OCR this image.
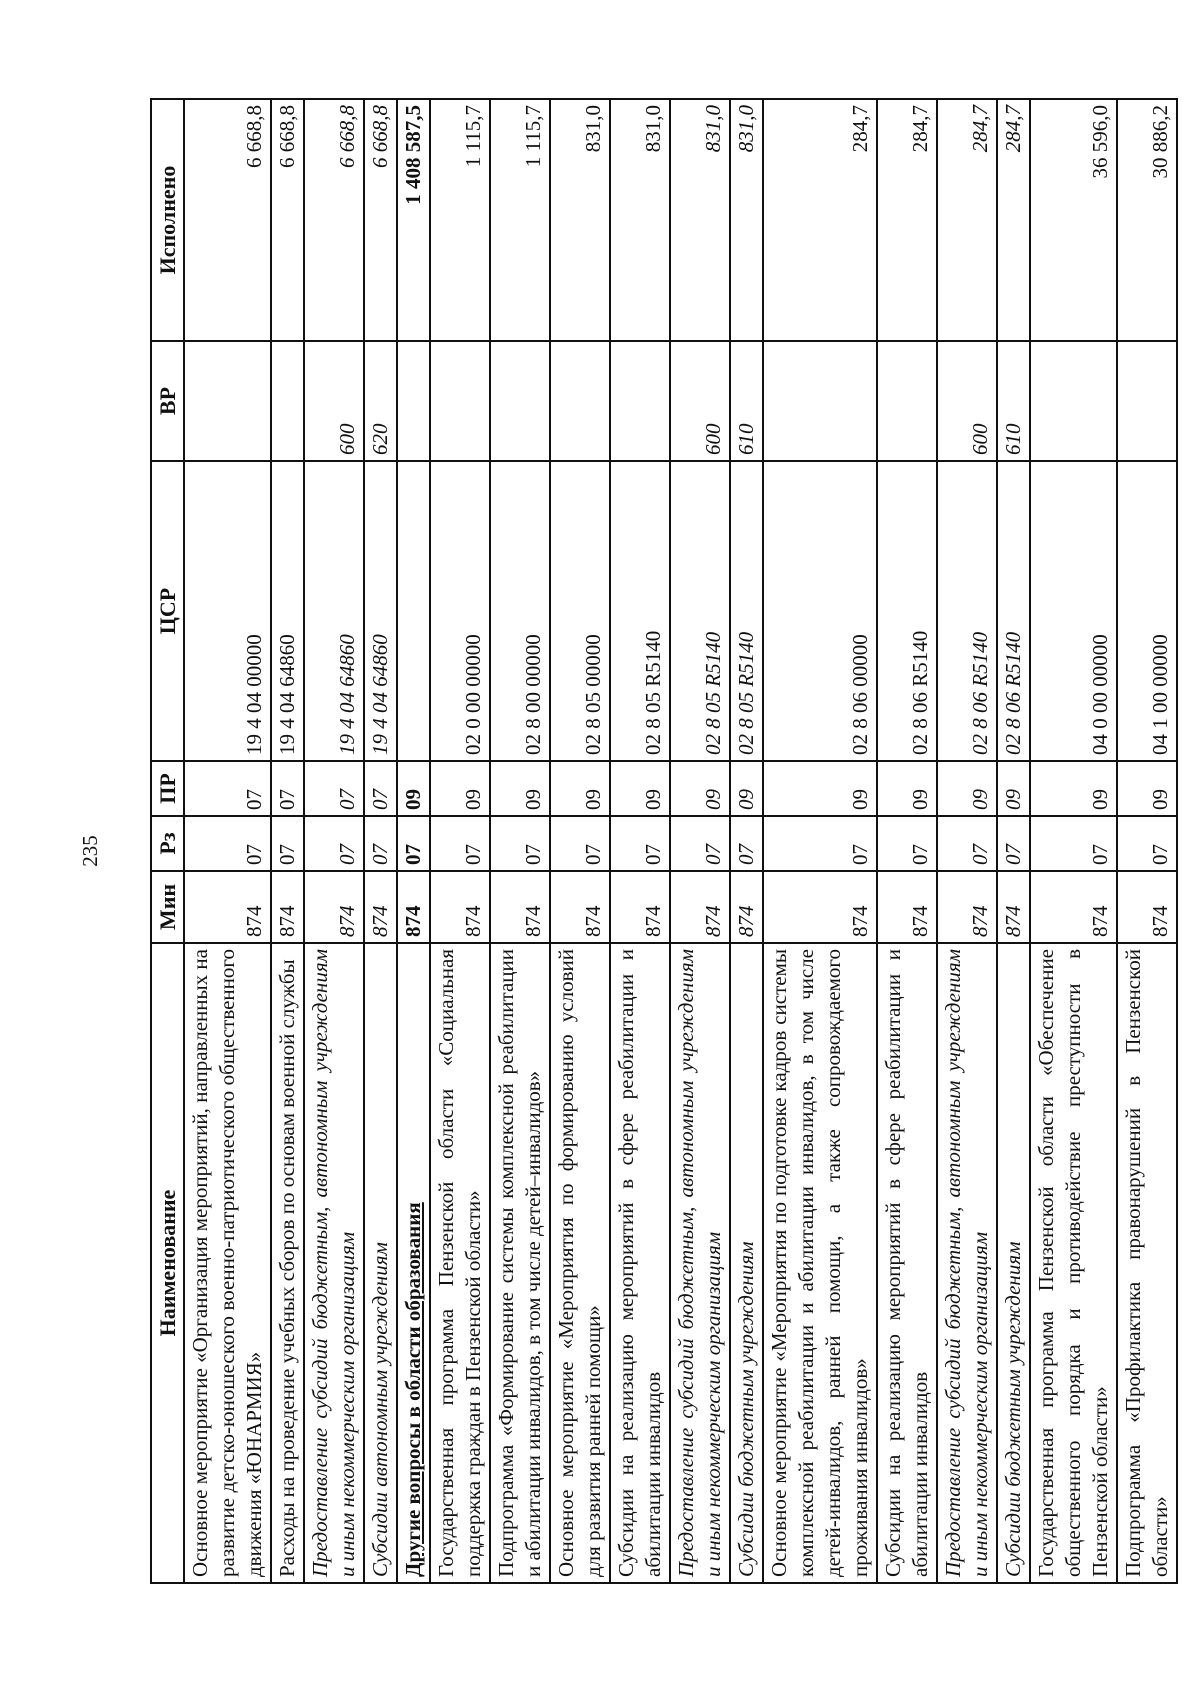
235
Наименование	Мин	Рз	ПР	ЦСР	ВР	Исполнено
Основное мероприятие «Организация мероприятий, направленных на развитие детско-юношеского военно-патриотического общественного движения «ЮНАРМИЯ»	874	07	07	19 4 04 00000		6 668,8
Расходы на проведение учебных сборов по основам военной службы	874	07	07	19 4 04 64860		6 668,8
Предоставление субсидий бюджетным, автономным учреждениям и иным некоммерческим организациям	874	07	07	19 4 04 64860	600	6 668,8
Субсидии автономным учреждениям	874	07	07	19 4 04 64860	620	6 668,8
Другие вопросы в области образования	874	07	09			1 408 587,5
Государственная программа Пензенской области «Социальная поддержка граждан в Пензенской области»	874	07	09	02 0 00 00000		1 115,7
Подпрограмма «Формирование системы комплексной реабилитации и абилитации инвалидов, в том числе детей–инвалидов»	874	07	09	02 8 00 00000		1 115,7
Основное мероприятие «Мероприятия по формированию условий для развития ранней помощи»	874	07	09	02 8 05 00000		831,0
Субсидии на реализацию мероприятий в сфере реабилитации и абилитации инвалидов	874	07	09	02 8 05 R5140		831,0
Предоставление субсидий бюджетным, автономным учреждениям и иным некоммерческим организациям	874	07	09	02 8 05 R5140	600	831,0
Субсидии бюджетным учреждениям	874	07	09	02 8 05 R5140	610	831,0
Основное мероприятие «Мероприятия по подготовке кадров системы комплексной реабилитации и абилитации инвалидов, в том числе детей-инвалидов, ранней помощи, а также сопровождаемого проживания инвалидов»	874	07	09	02 8 06 00000		284,7
Субсидии на реализацию мероприятий в сфере реабилитации и абилитации инвалидов	874	07	09	02 8 06 R5140		284,7
Предоставление субсидий бюджетным, автономным учреждениям и иным некоммерческим организациям	874	07	09	02 8 06 R5140	600	284,7
Субсидии бюджетным учреждениям	874	07	09	02 8 06 R5140	610	284,7
Государственная программа Пензенской области «Обеспечение общественного порядка и противодействие преступности в Пензенской области»	874	07	09	04 0 00 00000		36 596,0
Подпрограмма «Профилактика правонарушений в Пензенской области»	874	07	09	04 1 00 00000		30 886,2
